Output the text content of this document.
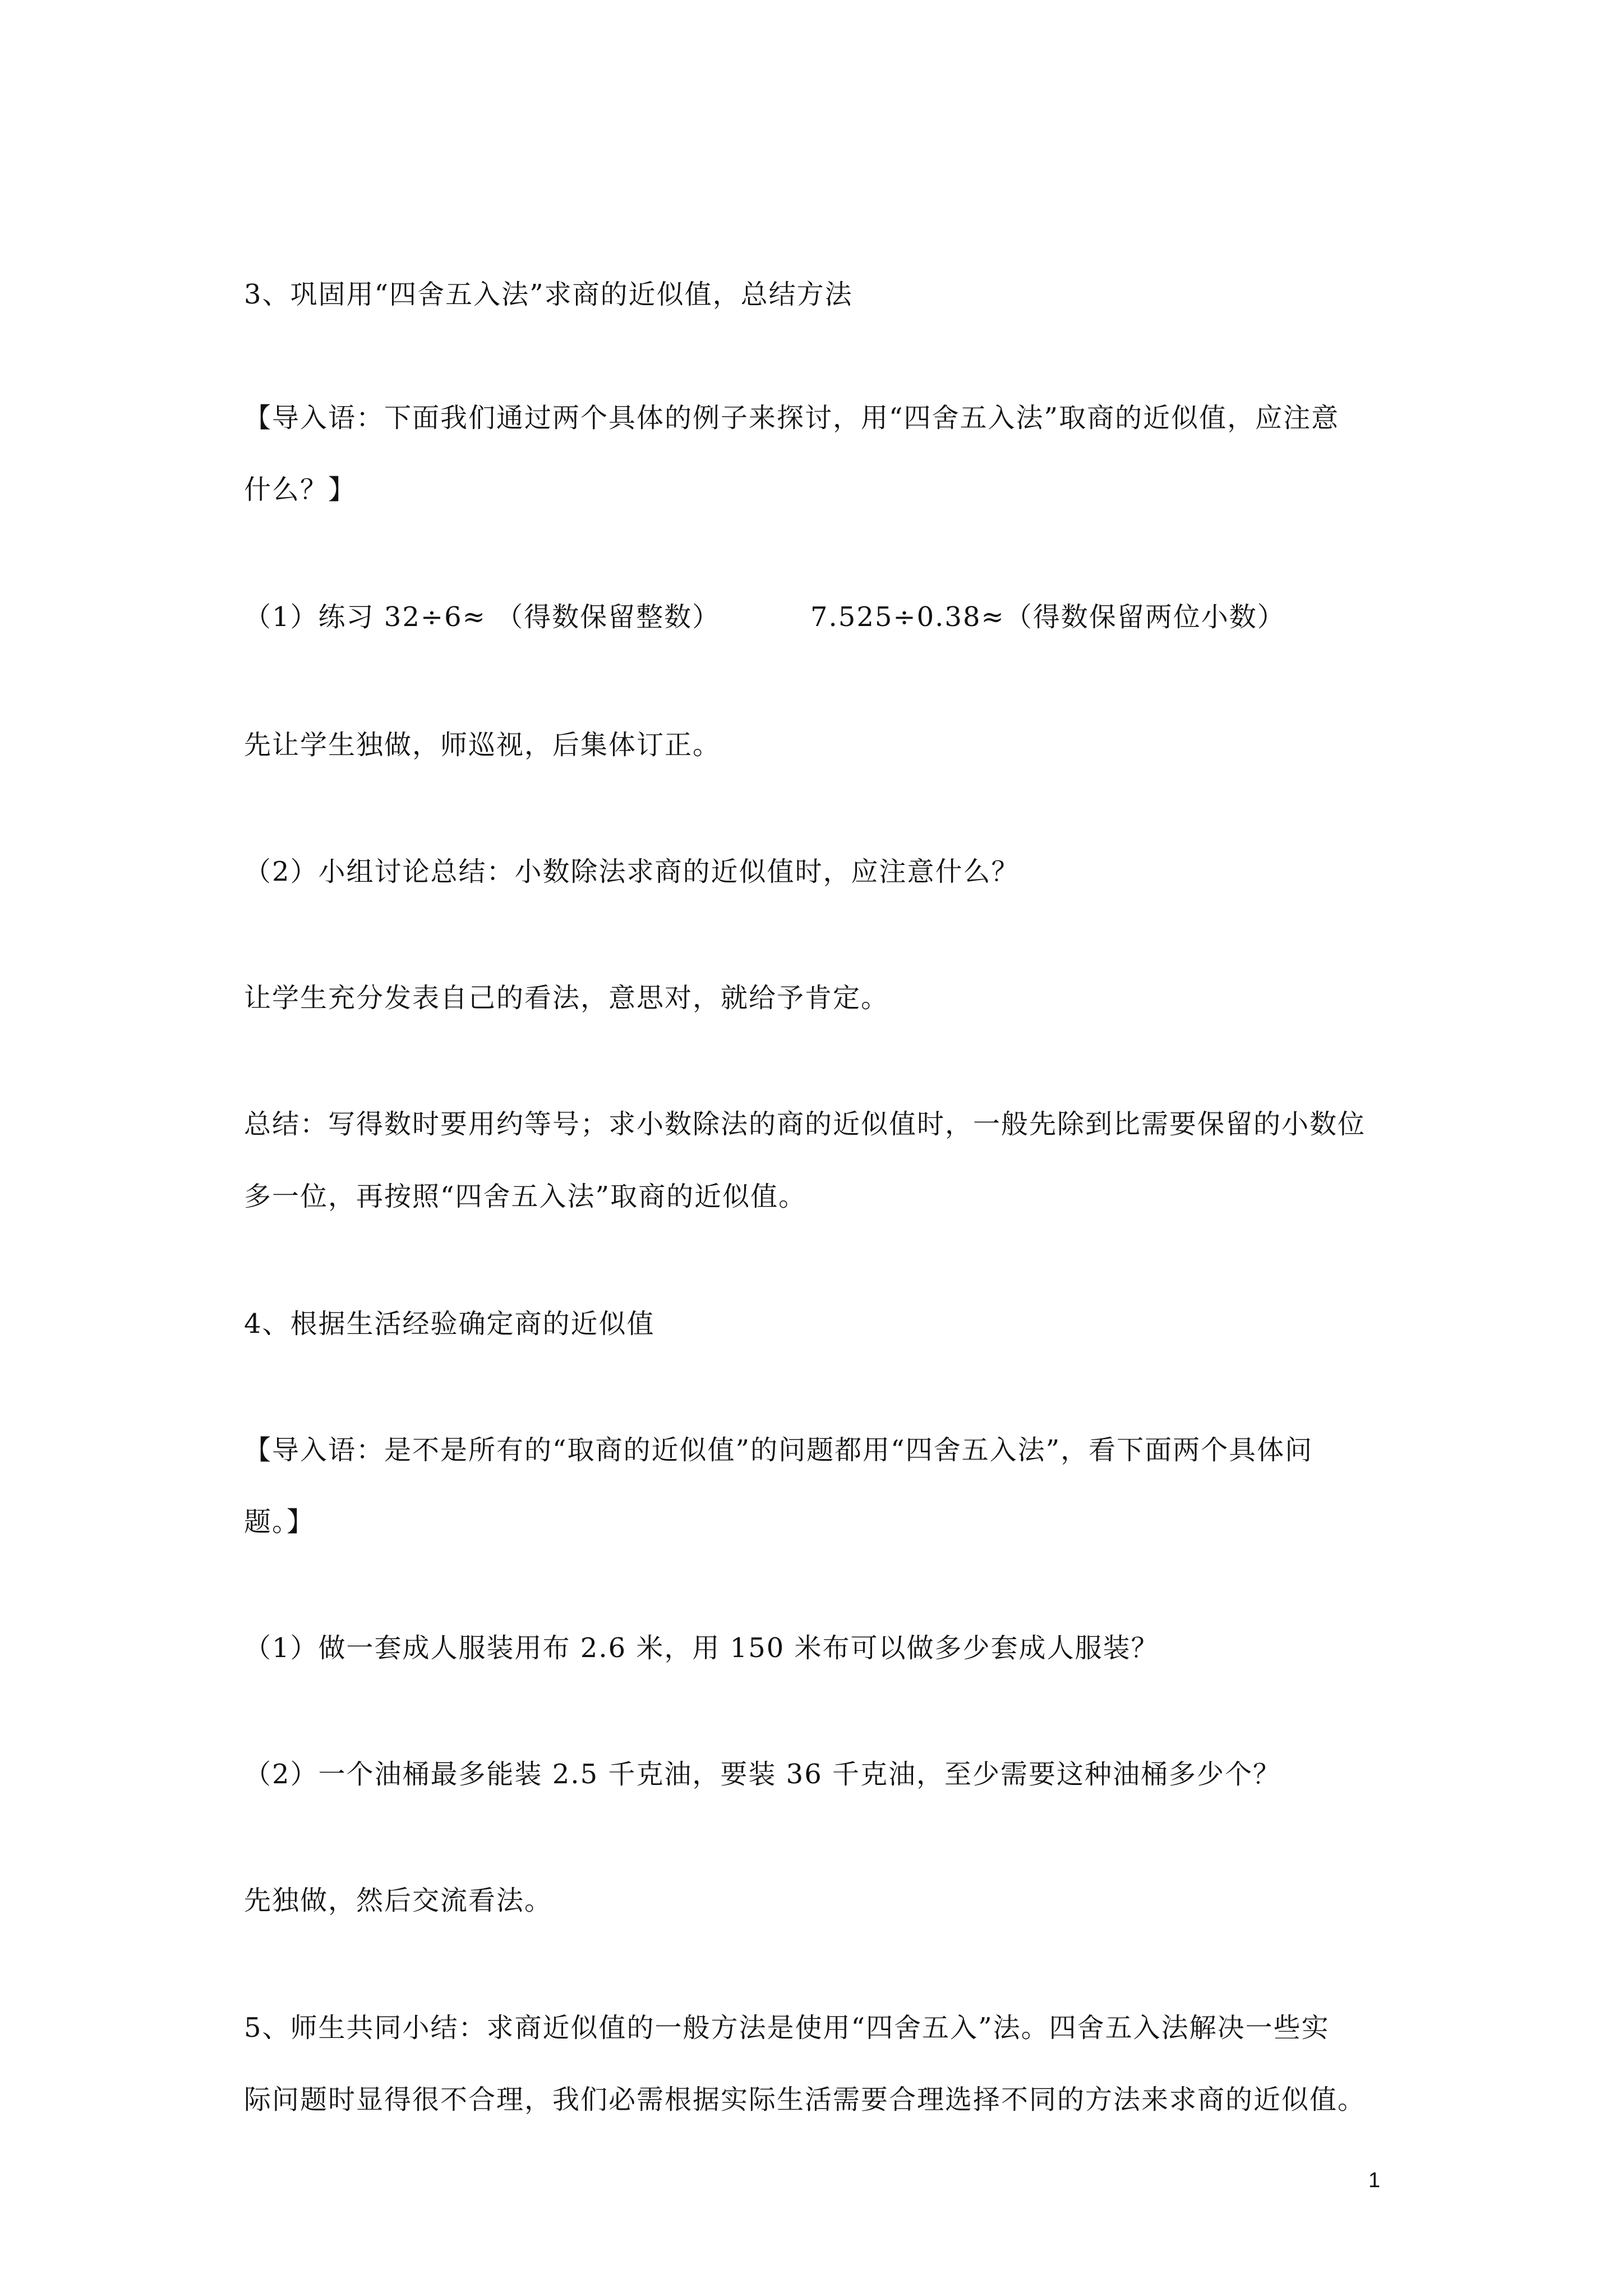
3、巩固用“四舍五入法”求商的近似值，总结方法
【导入语：下面我们通过两个具体的例子来探讨，用“四舍五入法”取商的近似值，应注意
什么？】
（1）练习 32÷6≈ （得数保留整数）	7.525÷0.38≈（得数保留两位小数）
先让学生独做，师巡视，后集体订正。
（2）小组讨论总结：小数除法求商的近似值时，应注意什么？
让学生充分发表自己的看法，意思对，就给予肯定。
总结：写得数时要用约等号；求小数除法的商的近似值时，一般先除到比需要保留的小数位
多一位，再按照“四舍五入法”取商的近似值。
4、根据生活经验确定商的近似值
【导入语：是不是所有的“取商的近似值”的问题都用“四舍五入法”，看下面两个具体问
题。】
（1）做一套成人服装用布 2.6 米，用 150 米布可以做多少套成人服装？
（2）一个油桶最多能装 2.5 千克油，要装 36 千克油，至少需要这种油桶多少个？
先独做，然后交流看法。
5、师生共同小结：求商近似值的一般方法是使用“四舍五入”法。四舍五入法解决一些实
际问题时显得很不合理，我们必需根据实际生活需要合理选择不同的方法来求商的近似值。
1
